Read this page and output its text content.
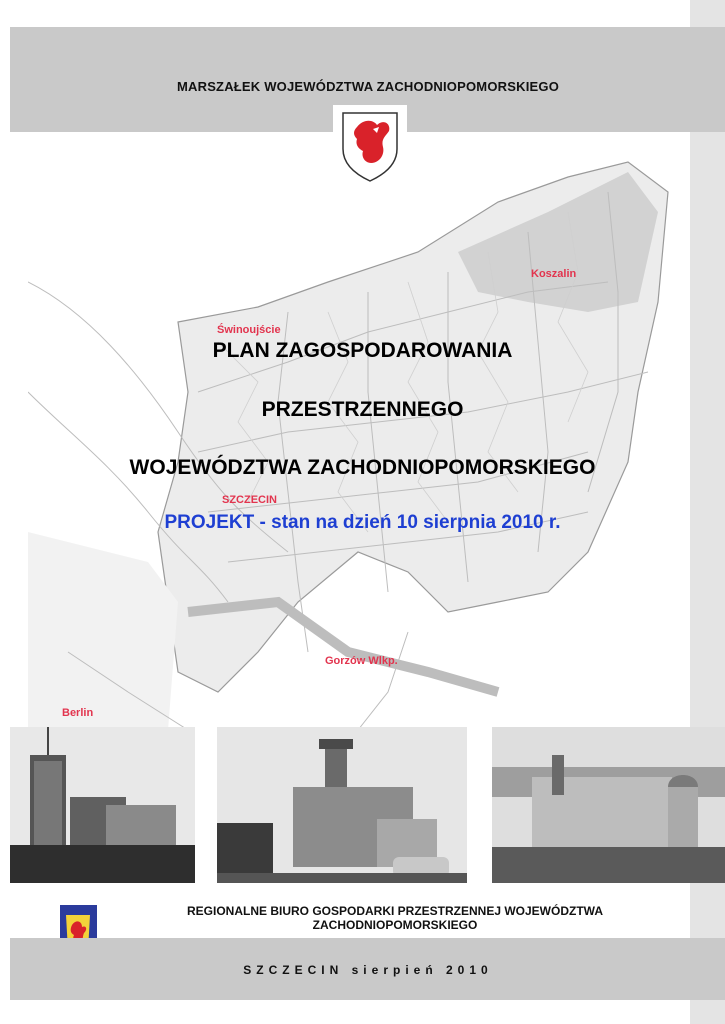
MARSZAŁEK WOJEWÓDZTWA ZACHODNIOPOMORSKIEGO
Koszalin
Świnoujście
SZCZECIN
Gorzów Wlkp.
Berlin
PLAN ZAGOSPODAROWANIA
PRZESTRZENNEGO
WOJEWÓDZTWA ZACHODNIOPOMORSKIEGO
PROJEKT - stan na dzień 10 sierpnia 2010 r.
REGIONALNE BIURO GOSPODARKI PRZESTRZENNEJ WOJEWÓDZTWA
ZACHODNIOPOMORSKIEGO
SZCZECIN sierpień 2010
